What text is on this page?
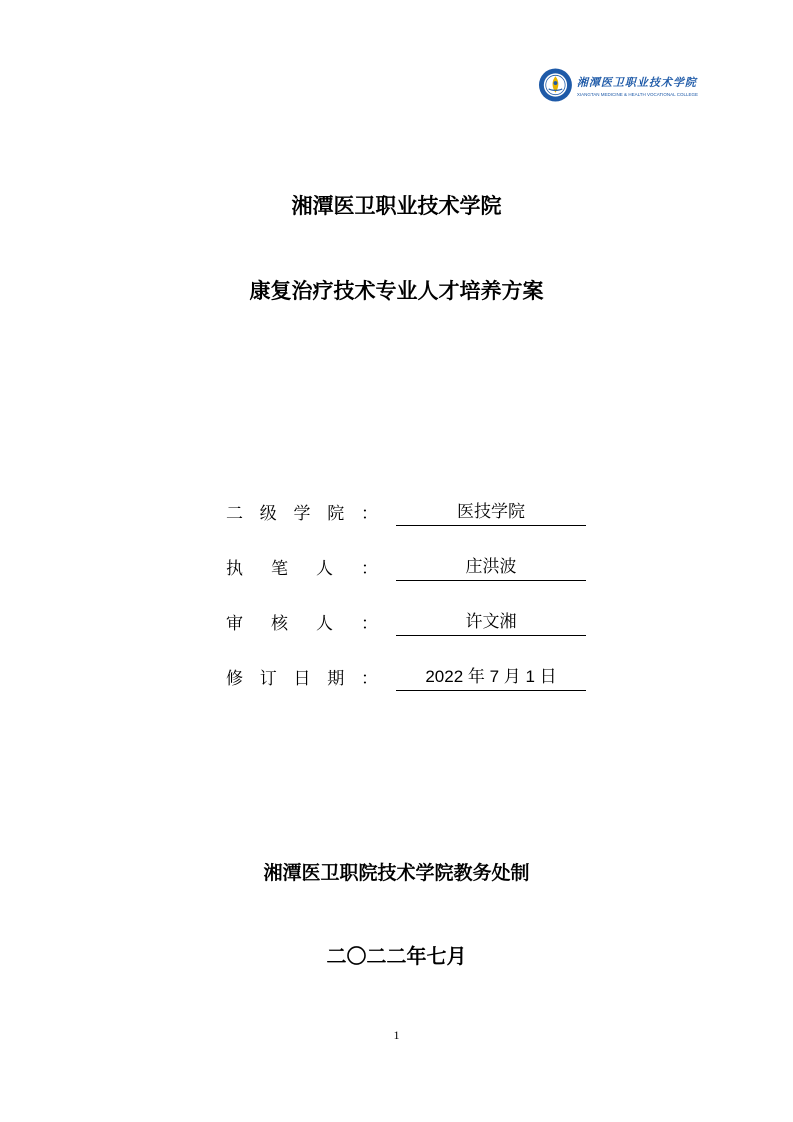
湘潭医卫职业技术学院
XIANGTAN MEDICINE & HEALTH VOCATIONAL COLLEGE
湘潭医卫职业技术学院
康复治疗技术专业人才培养方案
二 级 学 院 ：	医技学院
执 笔 人 ：	庄洪波
审 核 人 ：	许文湘
修 订 日 期 ：	2022 年 7 月 1 日
湘潭医卫职院技术学院教务处制
二〇二二年七月
1
